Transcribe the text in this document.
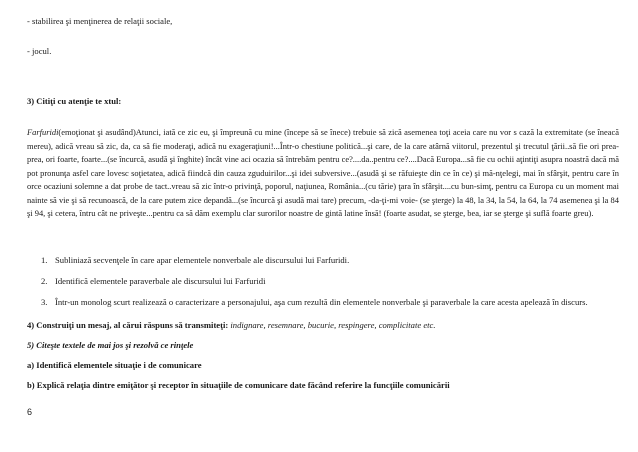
- stabilirea şi menţinerea de relaţii sociale,
- jocul.
3) Citiţi cu atenţie te xtul:
Farfuridi(emoţionat şi asudând)Atunci, iată ce zic eu, şi împreună cu mine (începe să se înece) trebuie să zică asemenea toţi aceia care nu vor s cază la extremitate (se îneacă mereu), adică vreau să zic, da, ca să fie moderaţi, adică nu exageraţiuni!...Într-o chestiune politică...şi care, de la care atârnă viitorul, prezentul şi trecutul ţării..să fie ori prea-prea, ori foarte, foarte...(se încurcă, asudă şi înghite) încât vine aci ocazia să întrebăm pentru ce?....da..pentru ce?....Dacă Europa...să fie cu ochii aţintiţi asupra noastră dacă mă pot pronunţa asfel care lovesc soţietatea, adică fiindcă din cauza zguduirilor...şi idei subversive...(asudă şi se răfuieşte din ce în ce) şi mă-nţelegi, mai în sfârşit, pentru care în orce ocaziuni solemne a dat probe de tact..vreau să zic într-o privinţă, poporul, naţiunea, România...(cu tărie) ţara în sfârşit....cu bun-simţ, pentru ca Europa cu un moment mai nainte să vie şi să recunoască, de la care putem zice depandă...(se încurcă şi asudă mai tare) precum, -da-ţi-mi voie- (se şterge) la 48, la 34, la 54, la 64, la 74 asemenea şi la 84 şi 94, şi cetera, întru cât ne priveşte...pentru ca să dăm exemplu clar surorilor noastre de gintă latine însă! (foarte asudat, se şterge, bea, iar se şterge şi suflă foarte greu).
1. Subliniază secvenţele în care apar elementele nonverbale ale discursului lui Farfuridi.
2. Identifică elementele paraverbale ale discursului lui Farfuridi
3. Într-un monolog scurt realizează o caracterizare a personajului, aşa cum rezultă din elementele nonverbale şi paraverbale la care acesta apelează în discurs.
4) Construiţi un mesaj, al cărui răspuns să transmiteţi: indignare, resemnare, bucurie, respingere, complicitate etc.
5) Citeşte textele de mai jos şi rezolvă ce rinţele
a) Identifică elementele situaţie i de comunicare
b) Explică relaţia dintre emiţător şi receptor în situaţiile de comunicare date făcând referire la funcţiile comunicării
6
